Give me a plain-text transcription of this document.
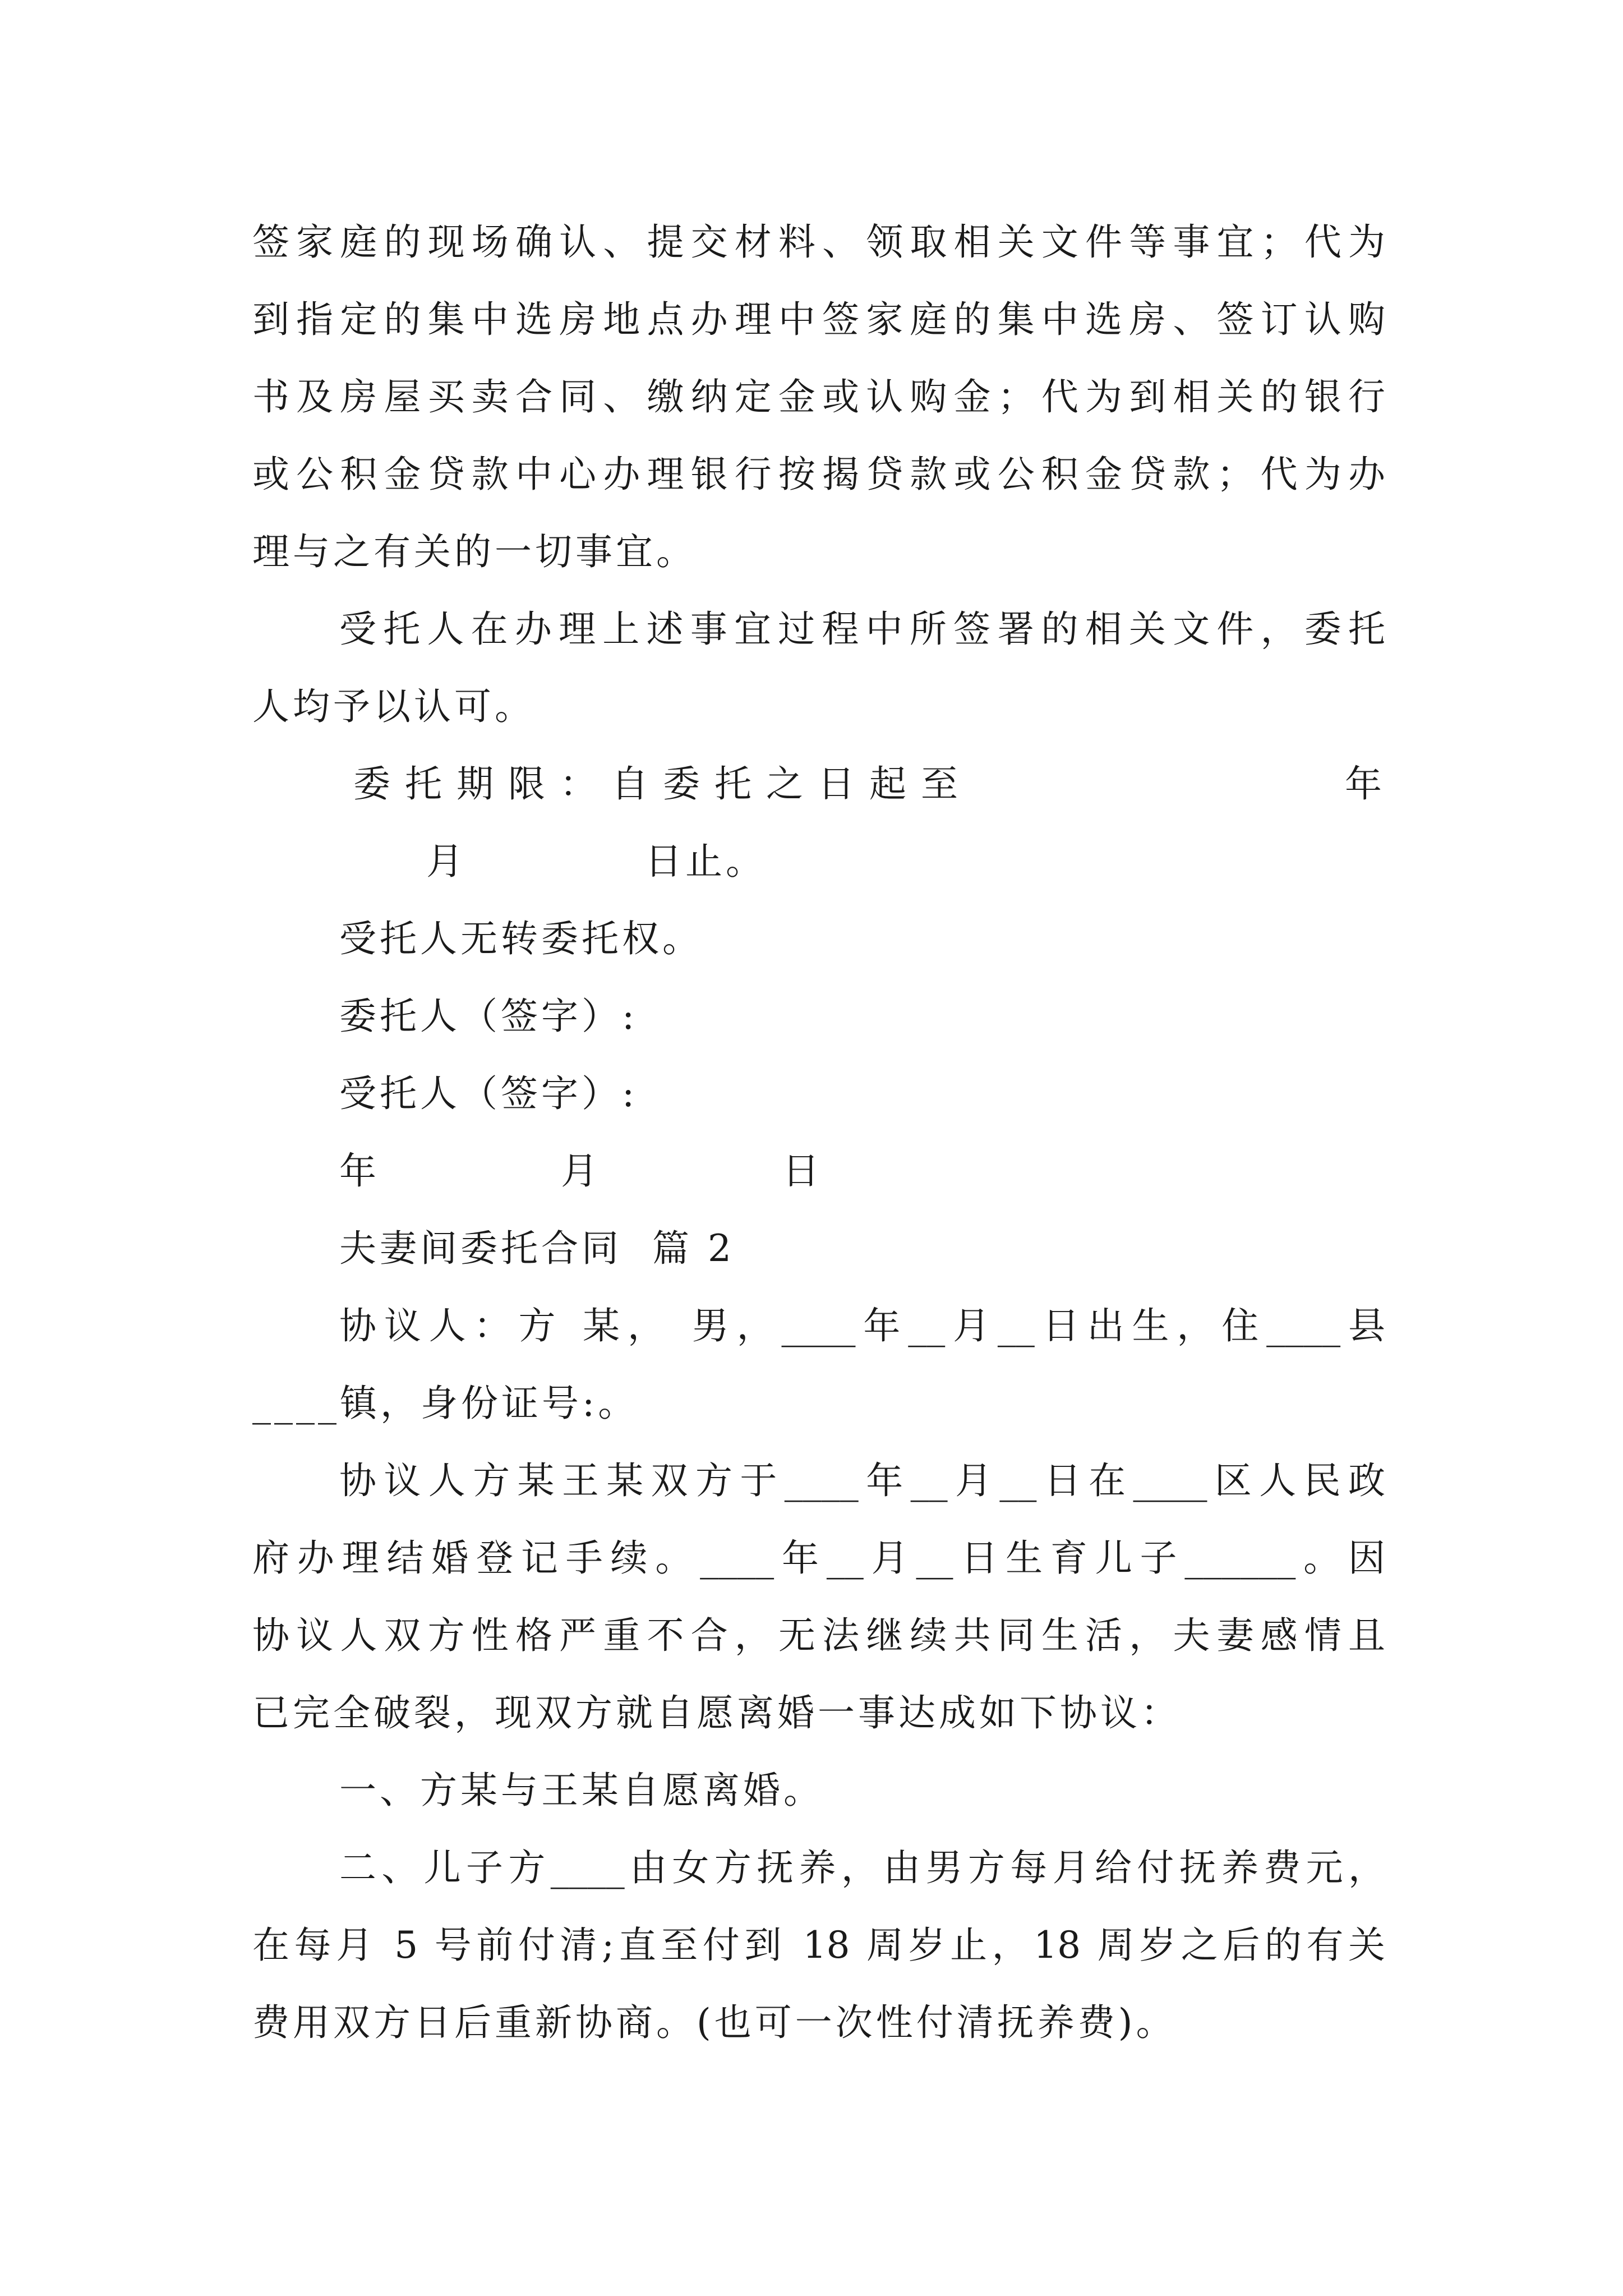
签家庭的现场确认、提交材料、领取相关文件等事宜；代为
到指定的集中选房地点办理中签家庭的集中选房、签订认购
书及房屋买卖合同、缴纳定金或认购金；代为到相关的银行
或公积金贷款中心办理银行按揭贷款或公积金贷款；代为办
理与之有关的一切事宜。
受托人在办理上述事宜过程中所签署的相关文件，委托
人均予以认可。
委托期限：自委托之日起至	年
月	日止。
受托人无转委托权。
委托人（签字）:
受托人（签字）:
年	月	日
夫妻间委托合同  篇 2
协议人：方 某， 男，____年__月__日出生，住____县
____镇，身份证号:。
协议人方某王某双方于____年__月__日在____区人民政
府办理结婚登记手续。____年__月__日生育儿子______。因
协议人双方性格严重不合，无法继续共同生活，夫妻感情且
已完全破裂，现双方就自愿离婚一事达成如下协议：
一、方某与王某自愿离婚。
二、儿子方____由女方抚养，由男方每月给付抚养费元，
在每月 5 号前付清;直至付到 18 周岁止，18 周岁之后的有关
费用双方日后重新协商。(也可一次性付清抚养费)。
